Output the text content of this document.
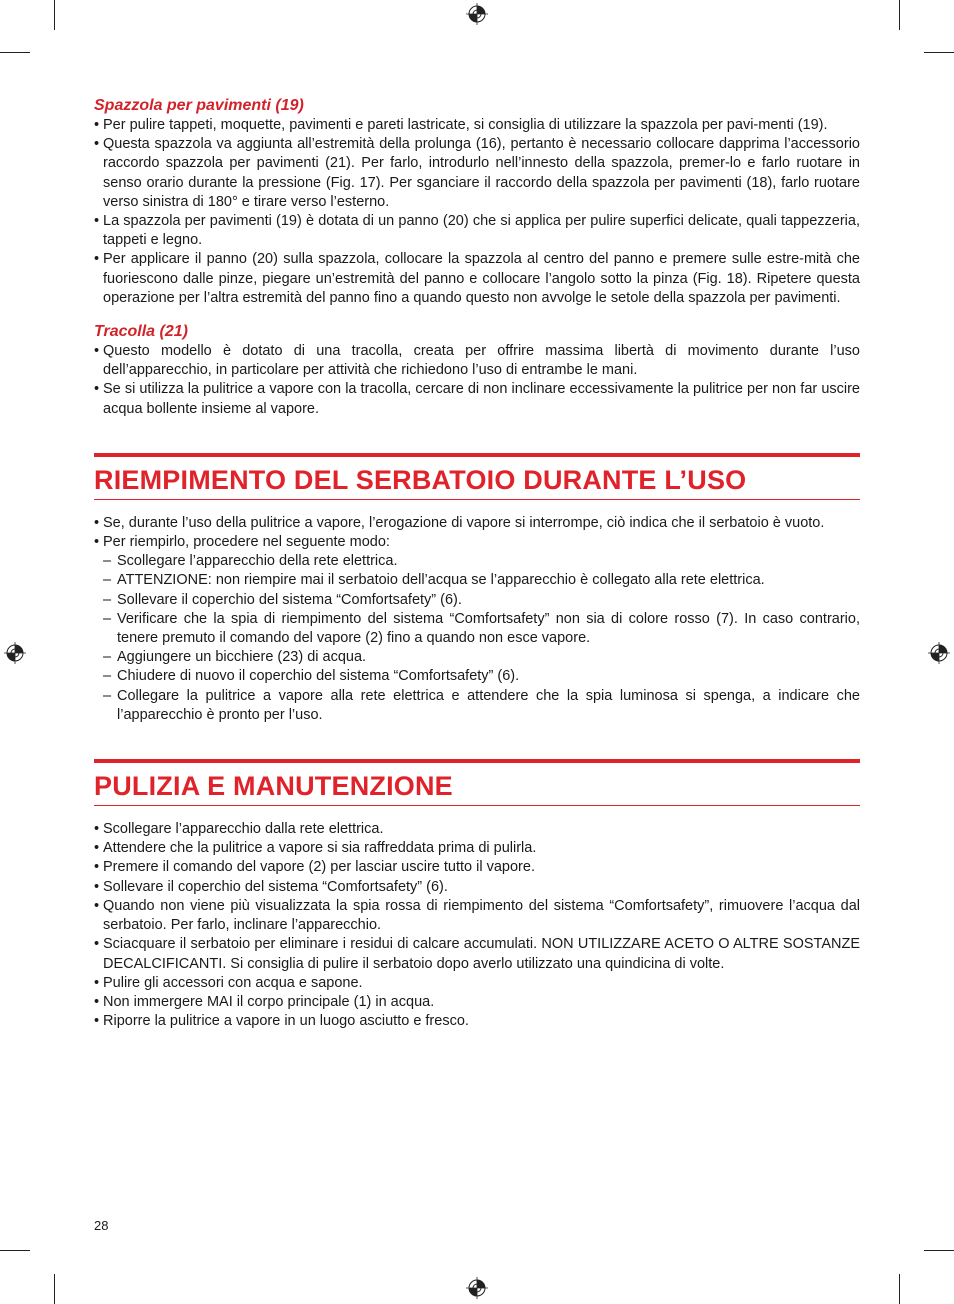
Spazzola per pavimenti (19)
• Per pulire tappeti, moquette, pavimenti e pareti lastricate, si consiglia di utilizzare la spazzola per pavi-menti (19).
• Questa spazzola va aggiunta all’estremità della prolunga (16), pertanto è necessario collocare dapprima l’accessorio raccordo spazzola per pavimenti (21). Per farlo, introdurlo nell’innesto della spazzola, premer-lo e farlo ruotare in senso orario durante la pressione (Fig. 17). Per sganciare il raccordo della spazzola per pavimenti (18), farlo ruotare verso sinistra di 180° e tirare verso l’esterno.
• La spazzola per pavimenti (19) è dotata di un panno (20) che si applica per pulire superfici delicate, quali tappezzeria, tappeti e legno.
• Per applicare il panno (20) sulla spazzola, collocare la spazzola al centro del panno e premere sulle estre-mità che fuoriescono dalle pinze, piegare un’estremità del panno e collocare l’angolo sotto la pinza (Fig. 18). Ripetere questa operazione per l’altra estremità del panno fino a quando questo non avvolge le setole della spazzola per pavimenti.
Tracolla (21)
• Questo modello è dotato di una tracolla, creata per offrire massima libertà di movimento durante l’uso dell’apparecchio, in particolare per attività che richiedono l’uso di entrambe le mani.
• Se si utilizza la pulitrice a vapore con la tracolla, cercare di non inclinare eccessivamente la pulitrice per non far uscire acqua bollente insieme al vapore.
RIEMPIMENTO DEL SERBATOIO DURANTE L’USO
• Se, durante l’uso della pulitrice a vapore, l’erogazione di vapore si interrompe, ciò indica che il serbatoio è vuoto.
• Per riempirlo, procedere nel seguente modo:
– Scollegare l’apparecchio della rete elettrica.
– ATTENZIONE: non riempire mai il serbatoio dell’acqua se l’apparecchio è collegato alla rete elettrica.
– Sollevare il coperchio del sistema “Comfortsafety” (6).
– Verificare che la spia di riempimento del sistema “Comfortsafety” non sia di colore rosso (7). In caso contrario, tenere premuto il comando del vapore (2) fino a quando non esce vapore.
– Aggiungere un bicchiere (23) di acqua.
– Chiudere di nuovo il coperchio del sistema “Comfortsafety” (6).
– Collegare la pulitrice a vapore alla rete elettrica e attendere che la spia luminosa si spenga, a indicare che l’apparecchio è pronto per l’uso.
PULIZIA E MANUTENZIONE
• Scollegare l’apparecchio dalla rete elettrica.
• Attendere che la pulitrice a vapore si sia raffreddata prima di pulirla.
• Premere il comando del vapore (2) per lasciar uscire tutto il vapore.
• Sollevare il coperchio del sistema “Comfortsafety” (6).
• Quando non viene più visualizzata la spia rossa di riempimento del sistema “Comfortsafety”, rimuovere l’acqua dal serbatoio. Per farlo, inclinare l’apparecchio.
• Sciacquare il serbatoio per eliminare i residui di calcare accumulati. NON UTILIZZARE ACETO O ALTRE SOSTANZE DECALCIFICANTI. Si consiglia di pulire il serbatoio dopo averlo utilizzato una quindicina di volte.
• Pulire gli accessori con acqua e sapone.
• Non immergere MAI il corpo principale (1) in acqua.
• Riporre la pulitrice a vapore in un luogo asciutto e fresco.
28
